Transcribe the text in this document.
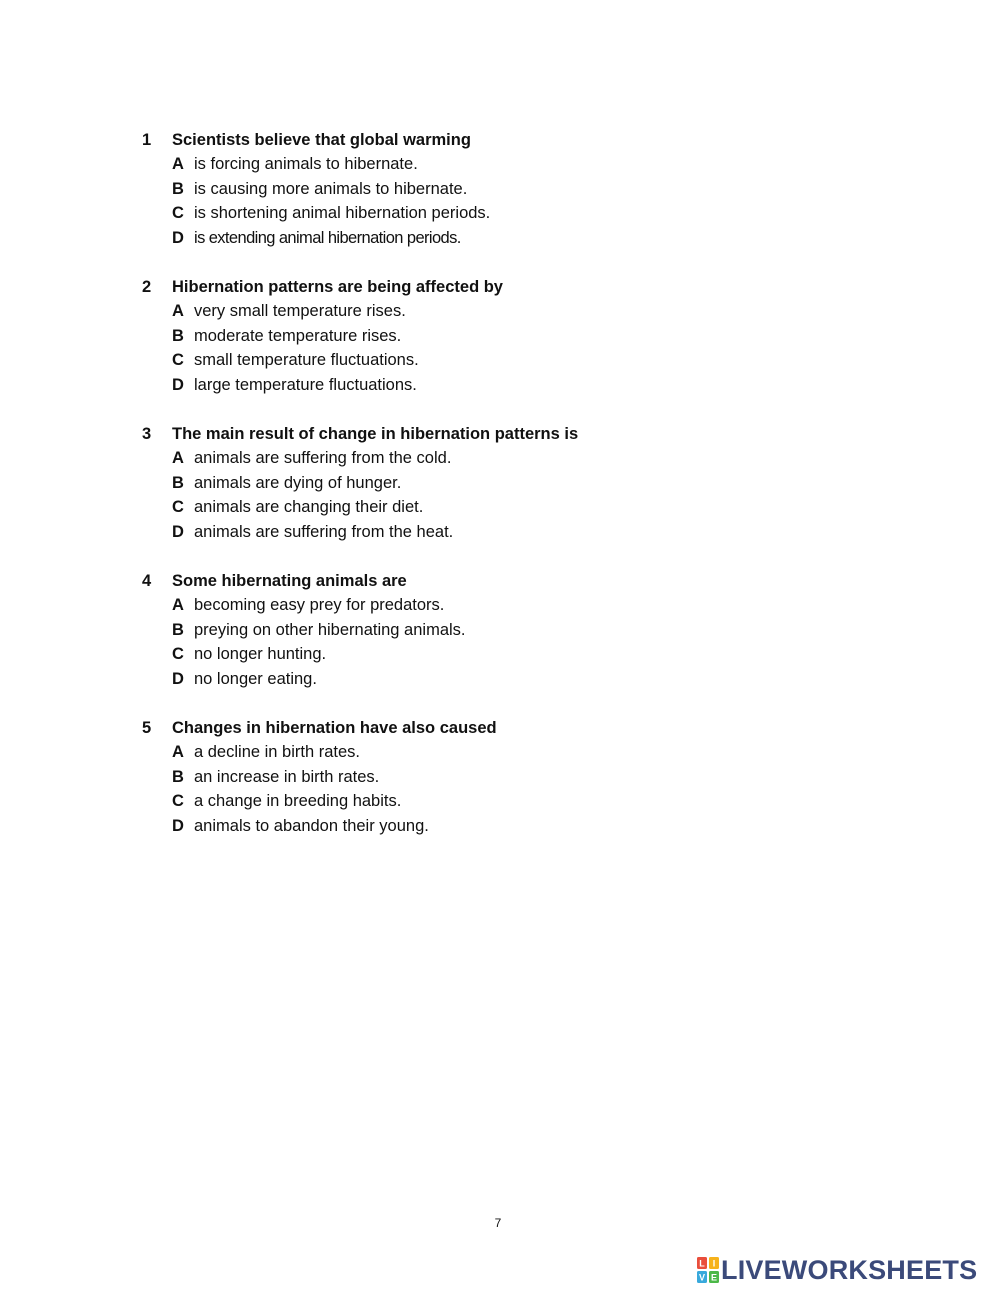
1	Scientists believe that global warming
A is forcing animals to hibernate.
B is causing more animals to hibernate.
C is shortening animal hibernation periods.
D is extending animal hibernation periods.
2	Hibernation patterns are being affected by
A very small temperature rises.
B moderate temperature rises.
C small temperature fluctuations.
D large temperature fluctuations.
3	The main result of change in hibernation patterns is
A animals are suffering from the cold.
B animals are dying of hunger.
C animals are changing their diet.
D animals are suffering from the heat.
4	Some hibernating animals are
A becoming easy prey for predators.
B preying on other hibernating animals.
C no longer hunting.
D no longer eating.
5	Changes in hibernation have also caused
A a decline in birth rates.
B an increase in birth rates.
C a change in breeding habits.
D animals to abandon their young.
7
L I
V E LIVEWORKSHEETS
